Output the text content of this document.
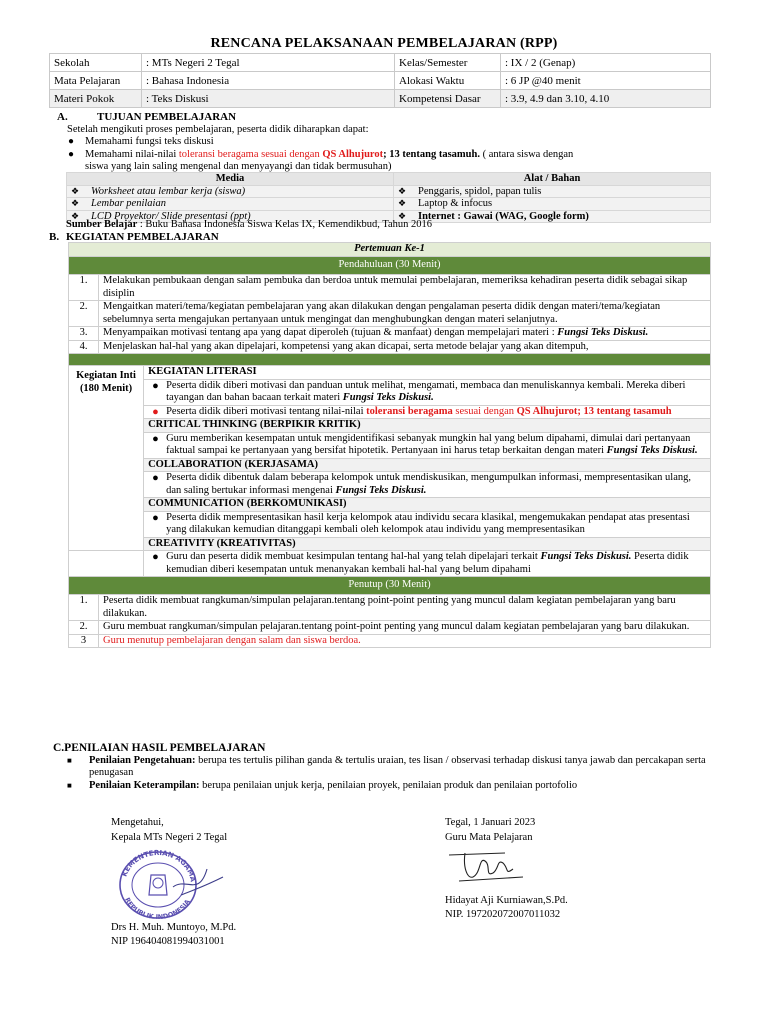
RENCANA PELAKSANAAN PEMBELAJARAN (RPP)
Sekolah	: MTs Negeri 2 Tegal	Kelas/Semester	: IX / 2 (Genap)
Mata Pelajaran	: Bahasa Indonesia	Alokasi Waktu	: 6 JP @40 menit
Materi Pokok	: Teks Diskusi	Kompetensi Dasar	: 3.9, 4.9 dan 3.10, 4.10
A.	TUJUAN PEMBELAJARAN
Setelah mengikuti proses pembelajaran, peserta didik diharapkan dapat:
● Memahami fungsi teks diskusi
● Memahami nilai-nilai toleransi beragama sesuai dengan QS Alhujurot; 13 tentang tasamuh. ( antara siswa dengan
siswa yang lain saling mengenal dan menyayangi dan tidak bermusuhan)
Media	Alat / Bahan
❖ Worksheet atau lembar kerja (siswa)	❖ Penggaris, spidol, papan tulis
❖ Lembar penilaian	❖ Laptop & infocus
❖ LCD Proyektor/ Slide presentasi (ppt)	❖ Internet : Gawai (WAG, Google form)
Sumber Belajar : Buku Bahasa Indonesia Siswa Kelas IX, Kemendikbud, Tahun 2016
B. KEGIATAN PEMBELAJARAN
Pertemuan Ke-1		
Pendahuluan (30 Menit)		
1.	Melakukan pembukaan dengan salam pembuka dan berdoa untuk memulai pembelajaran, memeriksa kehadiran peserta didik sebagai sikap disiplin	
2.	Mengaitkan materi/tema/kegiatan pembelajaran yang akan dilakukan dengan pengalaman peserta didik dengan materi/tema/kegiatan sebelumnya serta mengajukan pertanyaan untuk mengingat dan menghubungkan dengan materi selanjutnya.	
3.	Menyampaikan motivasi tentang apa yang dapat diperoleh (tujuan & manfaat) dengan mempelajari materi : Fungsi Teks Diskusi.	
4.	Menjelaskan hal-hal yang akan dipelajari, kompetensi yang akan dicapai, serta metode belajar yang akan ditempuh,	

Kegiatan Inti
(180 Menit)		KEGIATAN LITERASI

		● Peserta didik diberi motivasi dan panduan untuk melihat, mengamati, membaca dan menuliskannya kembali. Mereka diberi tayangan dan bahan bacaan terkait materi Fungsi Teks Diskusi.

		● Peserta didik diberi motivasi tentang nilai-nilai toleransi beragama sesuai dengan QS Alhujurot; 13 tentang tasamuh
		CRITICAL THINKING (BERPIKIR KRITIK)

		● Guru memberikan kesempatan untuk mengidentifikasi sebanyak mungkin hal yang belum dipahami, dimulai dari pertanyaan faktual sampai ke pertanyaan yang bersifat hipotetik. Pertanyaan ini harus tetap berkaitan dengan materi Fungsi Teks Diskusi.
		COLLABORATION (KERJASAMA)

		● Peserta didik dibentuk dalam beberapa kelompok untuk mendiskusikan, mengumpulkan informasi, mempresentasikan ulang, dan saling bertukar informasi mengenai Fungsi Teks Diskusi.
		COMMUNICATION (BERKOMUNIKASI)

		● Peserta didik mempresentasikan hasil kerja kelompok atau individu secara klasikal, mengemukakan pendapat atas presentasi yang dilakukan kemudian ditanggapi kembali oleh kelompok atau individu yang mempresentasikan
		CREATIVITY (KREATIVITAS)

		● Guru dan peserta didik membuat kesimpulan tentang hal-hal yang telah dipelajari terkait Fungsi Teks Diskusi. Peserta didik kemudian diberi kesempatan untuk menanyakan kembali hal-hal yang belum dipahami
Penutup (30 Menit)		
1.	Peserta didik membuat rangkuman/simpulan pelajaran.tentang point-point penting yang muncul dalam kegiatan pembelajaran yang baru dilakukan.	
2.	Guru membuat rangkuman/simpulan pelajaran.tentang point-point penting yang muncul dalam kegiatan pembelajaran yang baru dilakukan.	
3	Guru menutup pembelajaran dengan salam dan siswa berdoa.	
C.PENILAIAN HASIL PEMBELAJARAN
■ Penilaian Pengetahuan: berupa tes tertulis pilihan ganda & tertulis uraian, tes lisan / observasi terhadap diskusi tanya jawab dan percakapan serta penugasan
■ Penilaian Keterampilan: berupa penilaian unjuk kerja, penilaian proyek, penilaian produk dan penilaian portofolio
Mengetahui,
Kepala MTs Negeri 2 Tegal
KEMENTERIAN AGAMA
REPUBLIK INDONESIA
Drs H. Muh. Muntoyo, M.Pd.
NIP 196404081994031001
Tegal, 1 Januari 2023
Guru Mata Pelajaran
Hidayat Aji Kurniawan,S.Pd.
NIP. 197202072007011032
